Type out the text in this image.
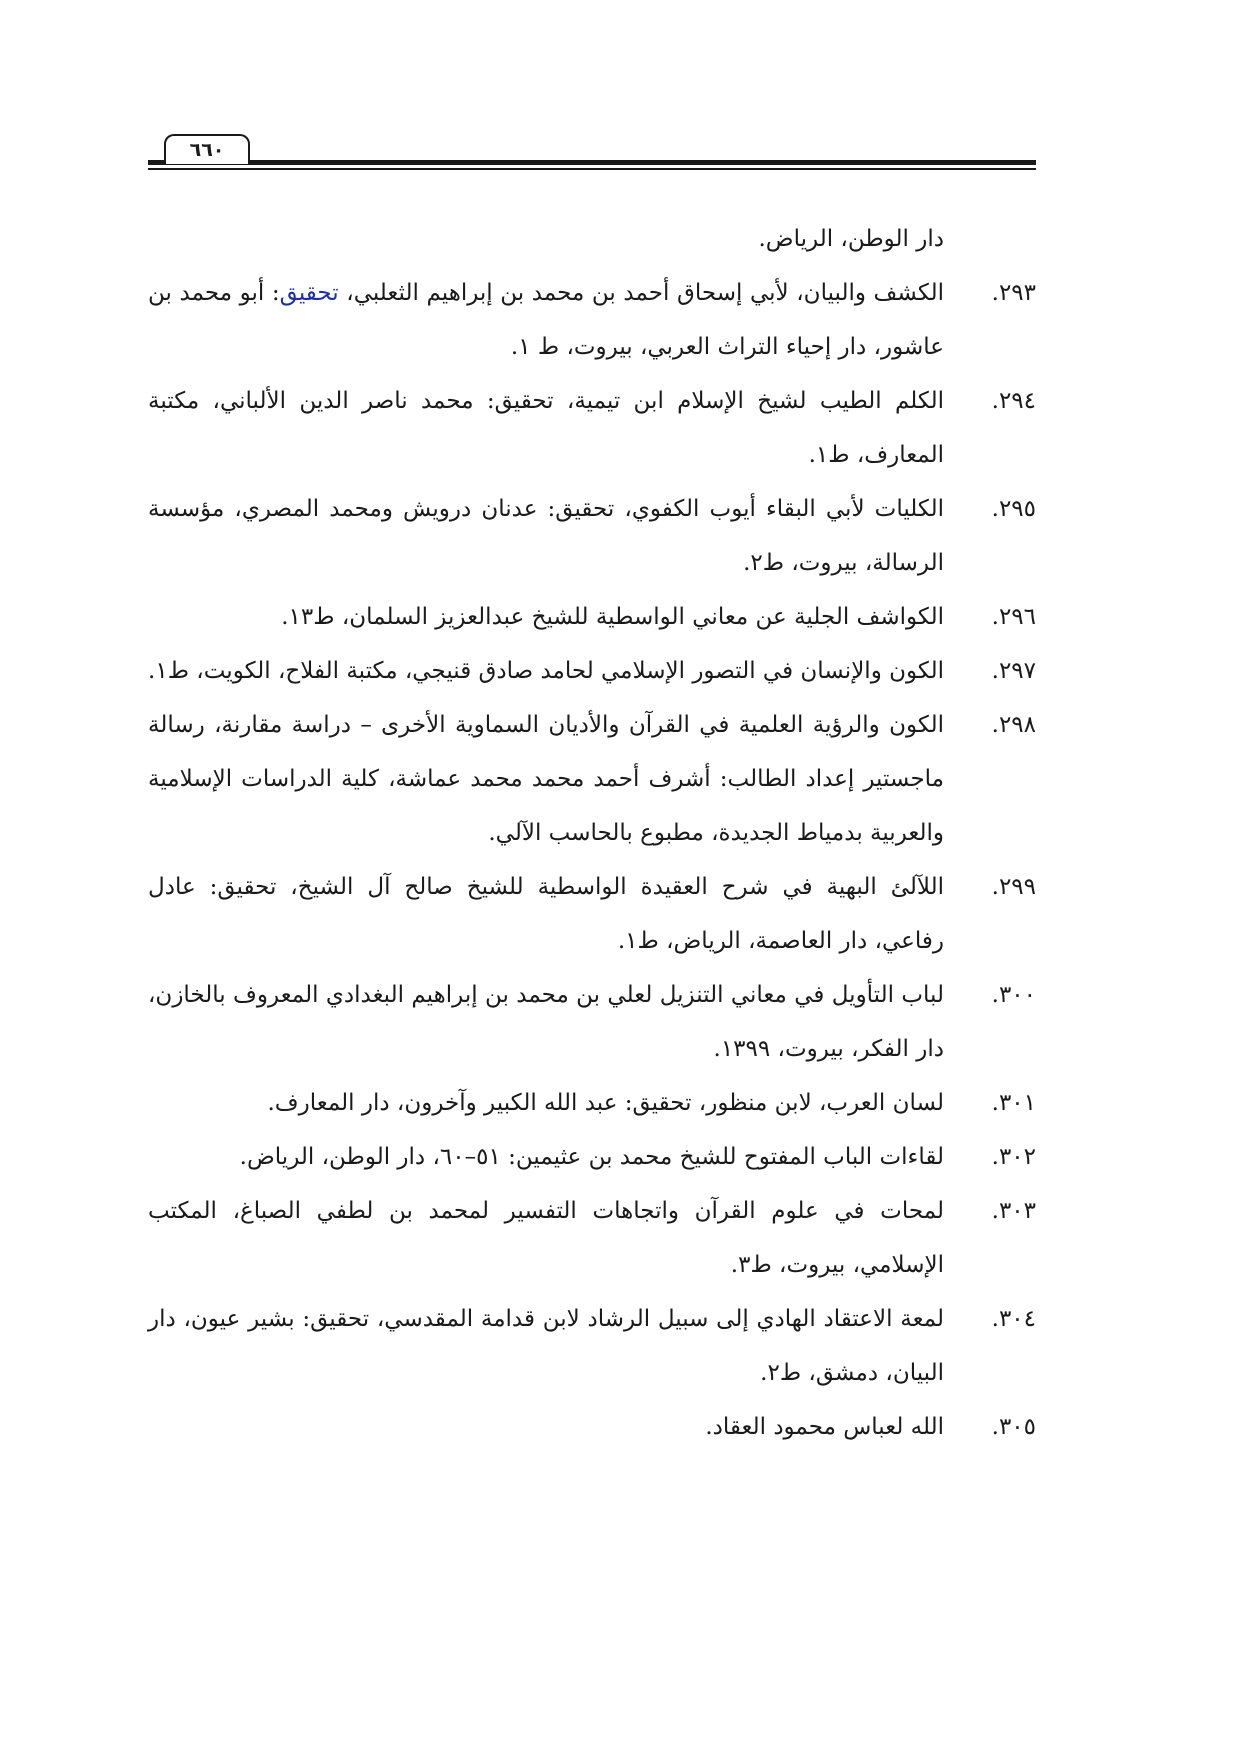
٦٦٠

دار الوطن، الرياض.

٢٩٣.
الكشف والبيان، لأبي إسحاق أحمد بن محمد بن إبراهيم الثعلبي، تحقيق: أبو محمد بن عاشور، دار إحياء التراث العربي، بيروت، ط ١.
٢٩٤.
الكلم الطيب لشيخ الإسلام ابن تيمية، تحقيق: محمد ناصر الدين الألباني، مكتبة المعارف، ط١.
٢٩٥.
الكليات لأبي البقاء أيوب الكفوي، تحقيق: عدنان درويش ومحمد المصري، مؤسسة الرسالة، بيروت، ط٢.
٢٩٦.
الكواشف الجلية عن معاني الواسطية للشيخ عبدالعزيز السلمان، ط١٣.
٢٩٧.
الكون والإنسان في التصور الإسلامي لحامد صادق قنيجي، مكتبة الفلاح، الكويت، ط١.
٢٩٨.
الكون والرؤية العلمية في القرآن والأديان السماوية الأخرى – دراسة مقارنة، رسالة ماجستير إعداد الطالب: أشرف أحمد محمد محمد عماشة، كلية الدراسات الإسلامية والعربية بدمياط الجديدة، مطبوع بالحاسب الآلي.
٢٩٩.
اللآلئ البهية في شرح العقيدة الواسطية للشيخ صالح آل الشيخ، تحقيق: عادل رفاعي، دار العاصمة، الرياض، ط١.
٣٠٠.
لباب التأويل في معاني التنزيل لعلي بن محمد بن إبراهيم البغدادي المعروف بالخازن، دار الفكر، بيروت، ١٣٩٩.
٣٠١.
لسان العرب، لابن منظور، تحقيق: عبد الله الكبير وآخرون، دار المعارف.
٣٠٢.
لقاءات الباب المفتوح للشيخ محمد بن عثيمين: ٥١–٦٠، دار الوطن، الرياض.
٣٠٣.
لمحات في علوم القرآن واتجاهات التفسير لمحمد بن لطفي الصباغ، المكتب الإسلامي، بيروت، ط٣.
٣٠٤.
لمعة الاعتقاد الهادي إلى سبيل الرشاد لابن قدامة المقدسي، تحقيق: بشير عيون، دار البيان، دمشق، ط٢.
٣٠٥.
الله لعباس محمود العقاد.
